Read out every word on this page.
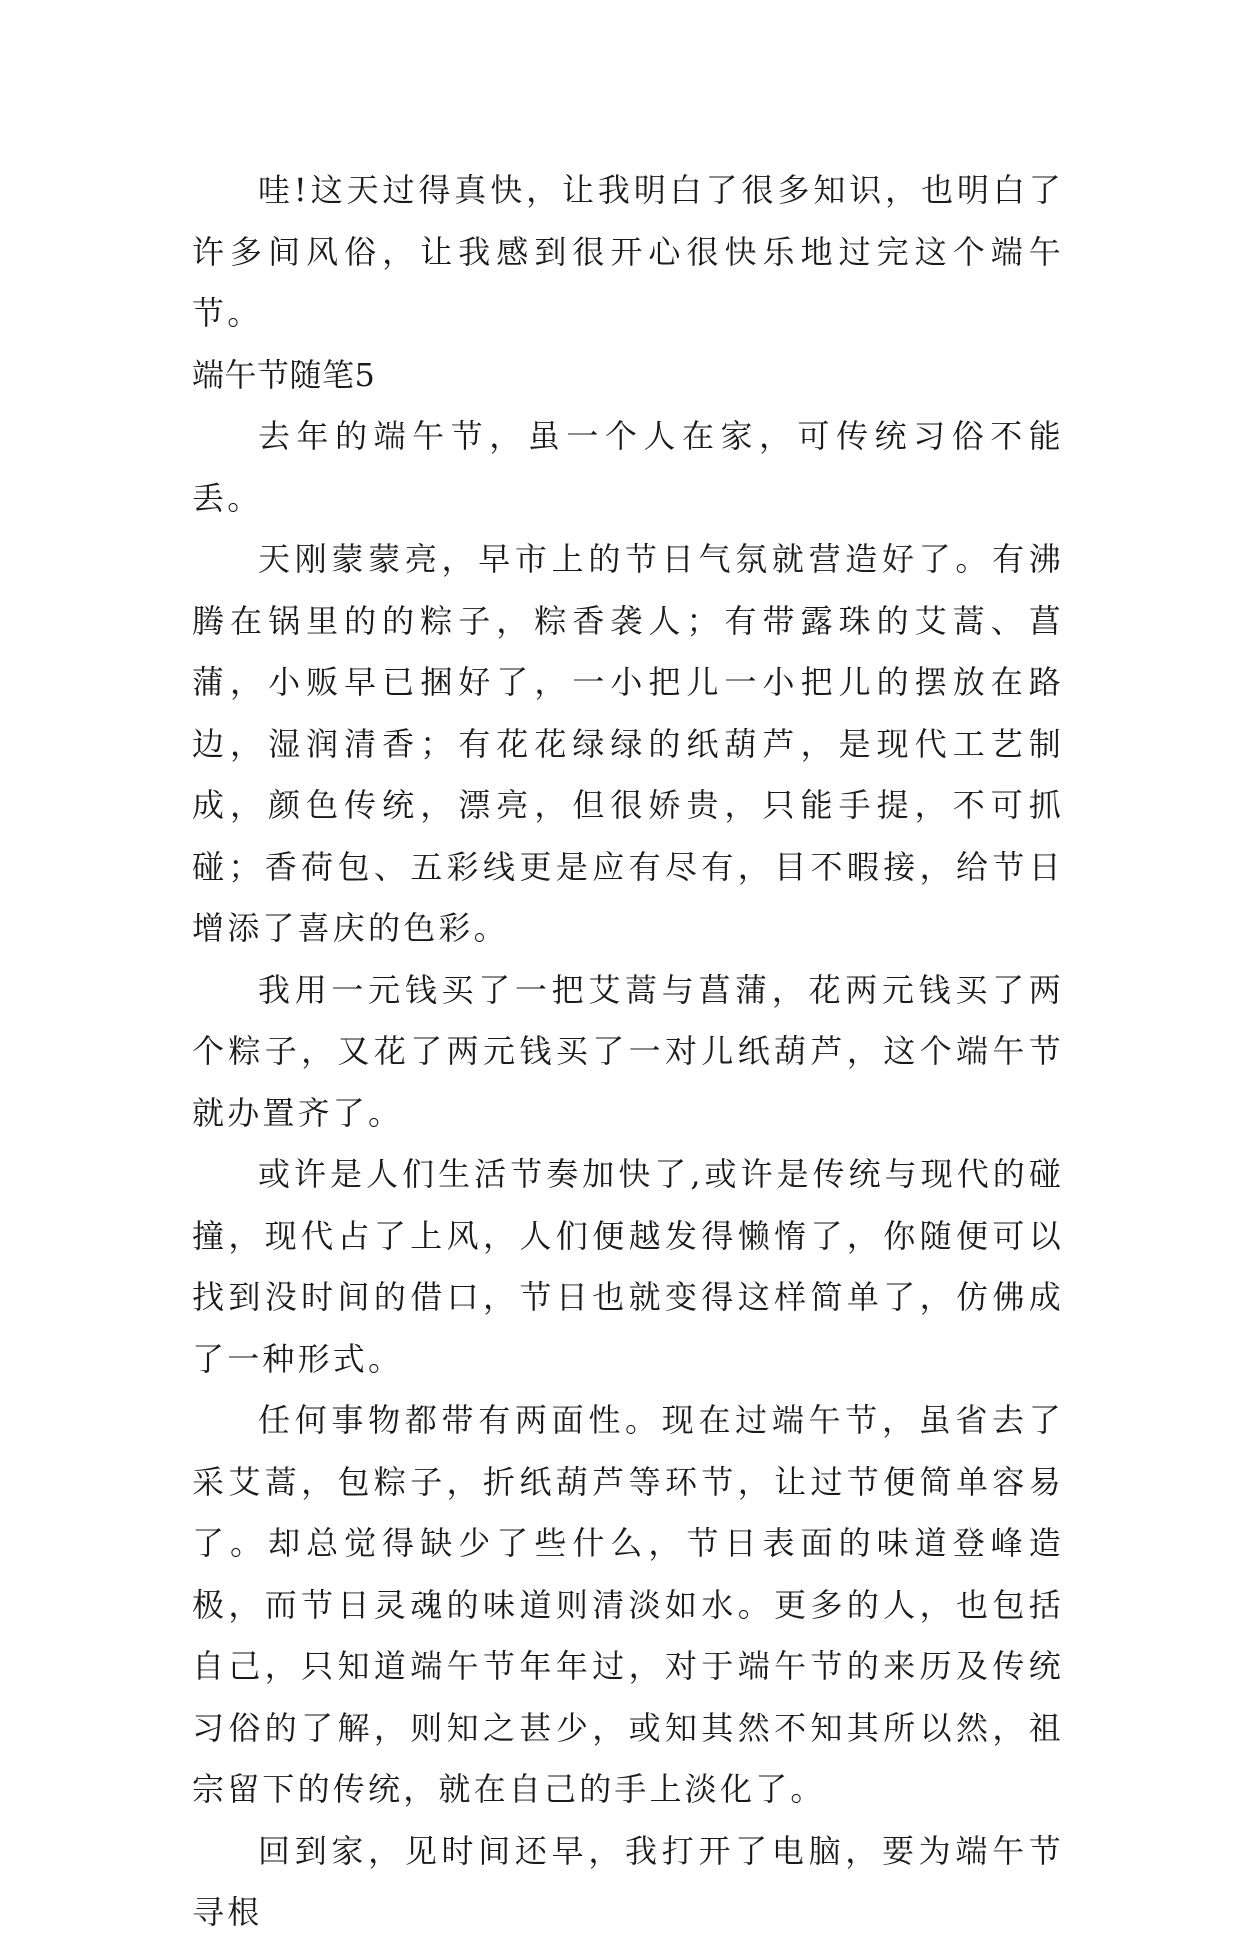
哇!这天过得真快，让我明白了很多知识，也明白了许多间风俗，让我感到很开心很快乐地过完这个端午节。

端午节随笔5

去年的端午节，虽一个人在家，可传统习俗不能丢。

天刚蒙蒙亮，早市上的节日气氛就营造好了。有沸腾在锅里的的粽子，粽香袭人；有带露珠的艾蒿、菖蒲，小贩早已捆好了，一小把儿一小把儿的摆放在路边，湿润清香；有花花绿绿的纸葫芦，是现代工艺制成，颜色传统，漂亮，但很娇贵，只能手提，不可抓碰；香荷包、五彩线更是应有尽有，目不暇接，给节日增添了喜庆的色彩。

我用一元钱买了一把艾蒿与菖蒲，花两元钱买了两个粽子，又花了两元钱买了一对儿纸葫芦，这个端午节就办置齐了。

或许是人们生活节奏加快了,或许是传统与现代的碰撞，现代占了上风，人们便越发得懒惰了，你随便可以找到没时间的借口，节日也就变得这样简单了，仿佛成了一种形式。

任何事物都带有两面性。现在过端午节，虽省去了采艾蒿，包粽子，折纸葫芦等环节，让过节便简单容易了。却总觉得缺少了些什么，节日表面的味道登峰造极，而节日灵魂的味道则清淡如水。更多的人，也包括自己，只知道端午节年年过，对于端午节的来历及传统习俗的了解，则知之甚少，或知其然不知其所以然，祖宗留下的传统，就在自己的手上淡化了。

回到家，见时间还早，我打开了电脑，要为端午节寻根
